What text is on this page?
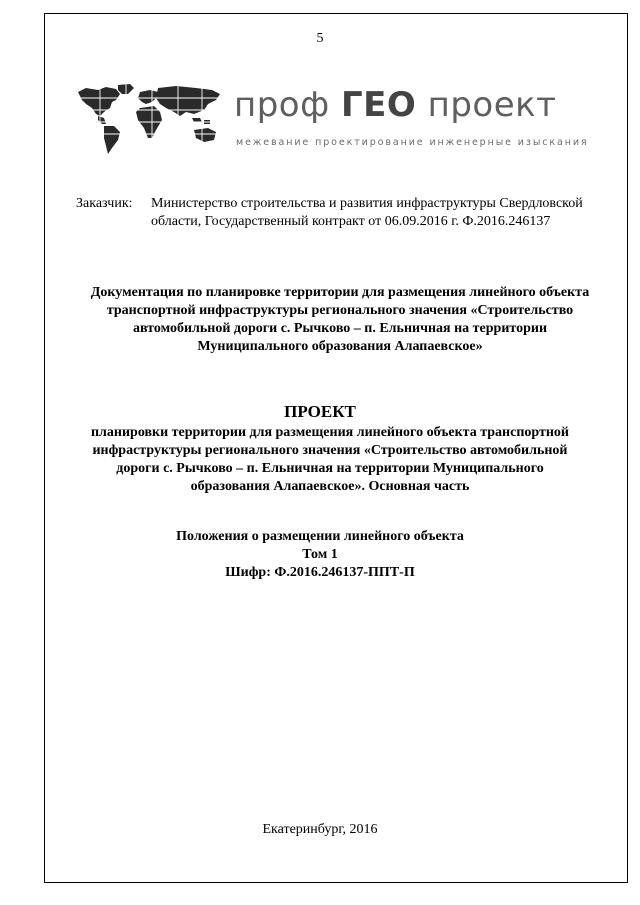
5
проф ГЕО проект
межевание проектирование инженерные изыскания
Заказчик: Министерство строительства и развития инфраструктуры Свердловской области, Государственный контракт от 06.09.2016 г. Ф.2016.246137
Документация по планировке территории для размещения линейного объекта транспортной инфраструктуры регионального значения «Строительство автомобильной дороги с. Рычково – п. Ельничная на территории Муниципального образования Алапаевское»
ПРОЕКТ
планировки территории для размещения линейного объекта транспортной инфраструктуры регионального значения «Строительство автомобильной дороги с. Рычково – п. Ельничная на территории Муниципального образования Алапаевское». Основная часть
Положения о размещении линейного объекта
Том 1
Шифр: Ф.2016.246137-ППТ-П
Екатеринбург, 2016
